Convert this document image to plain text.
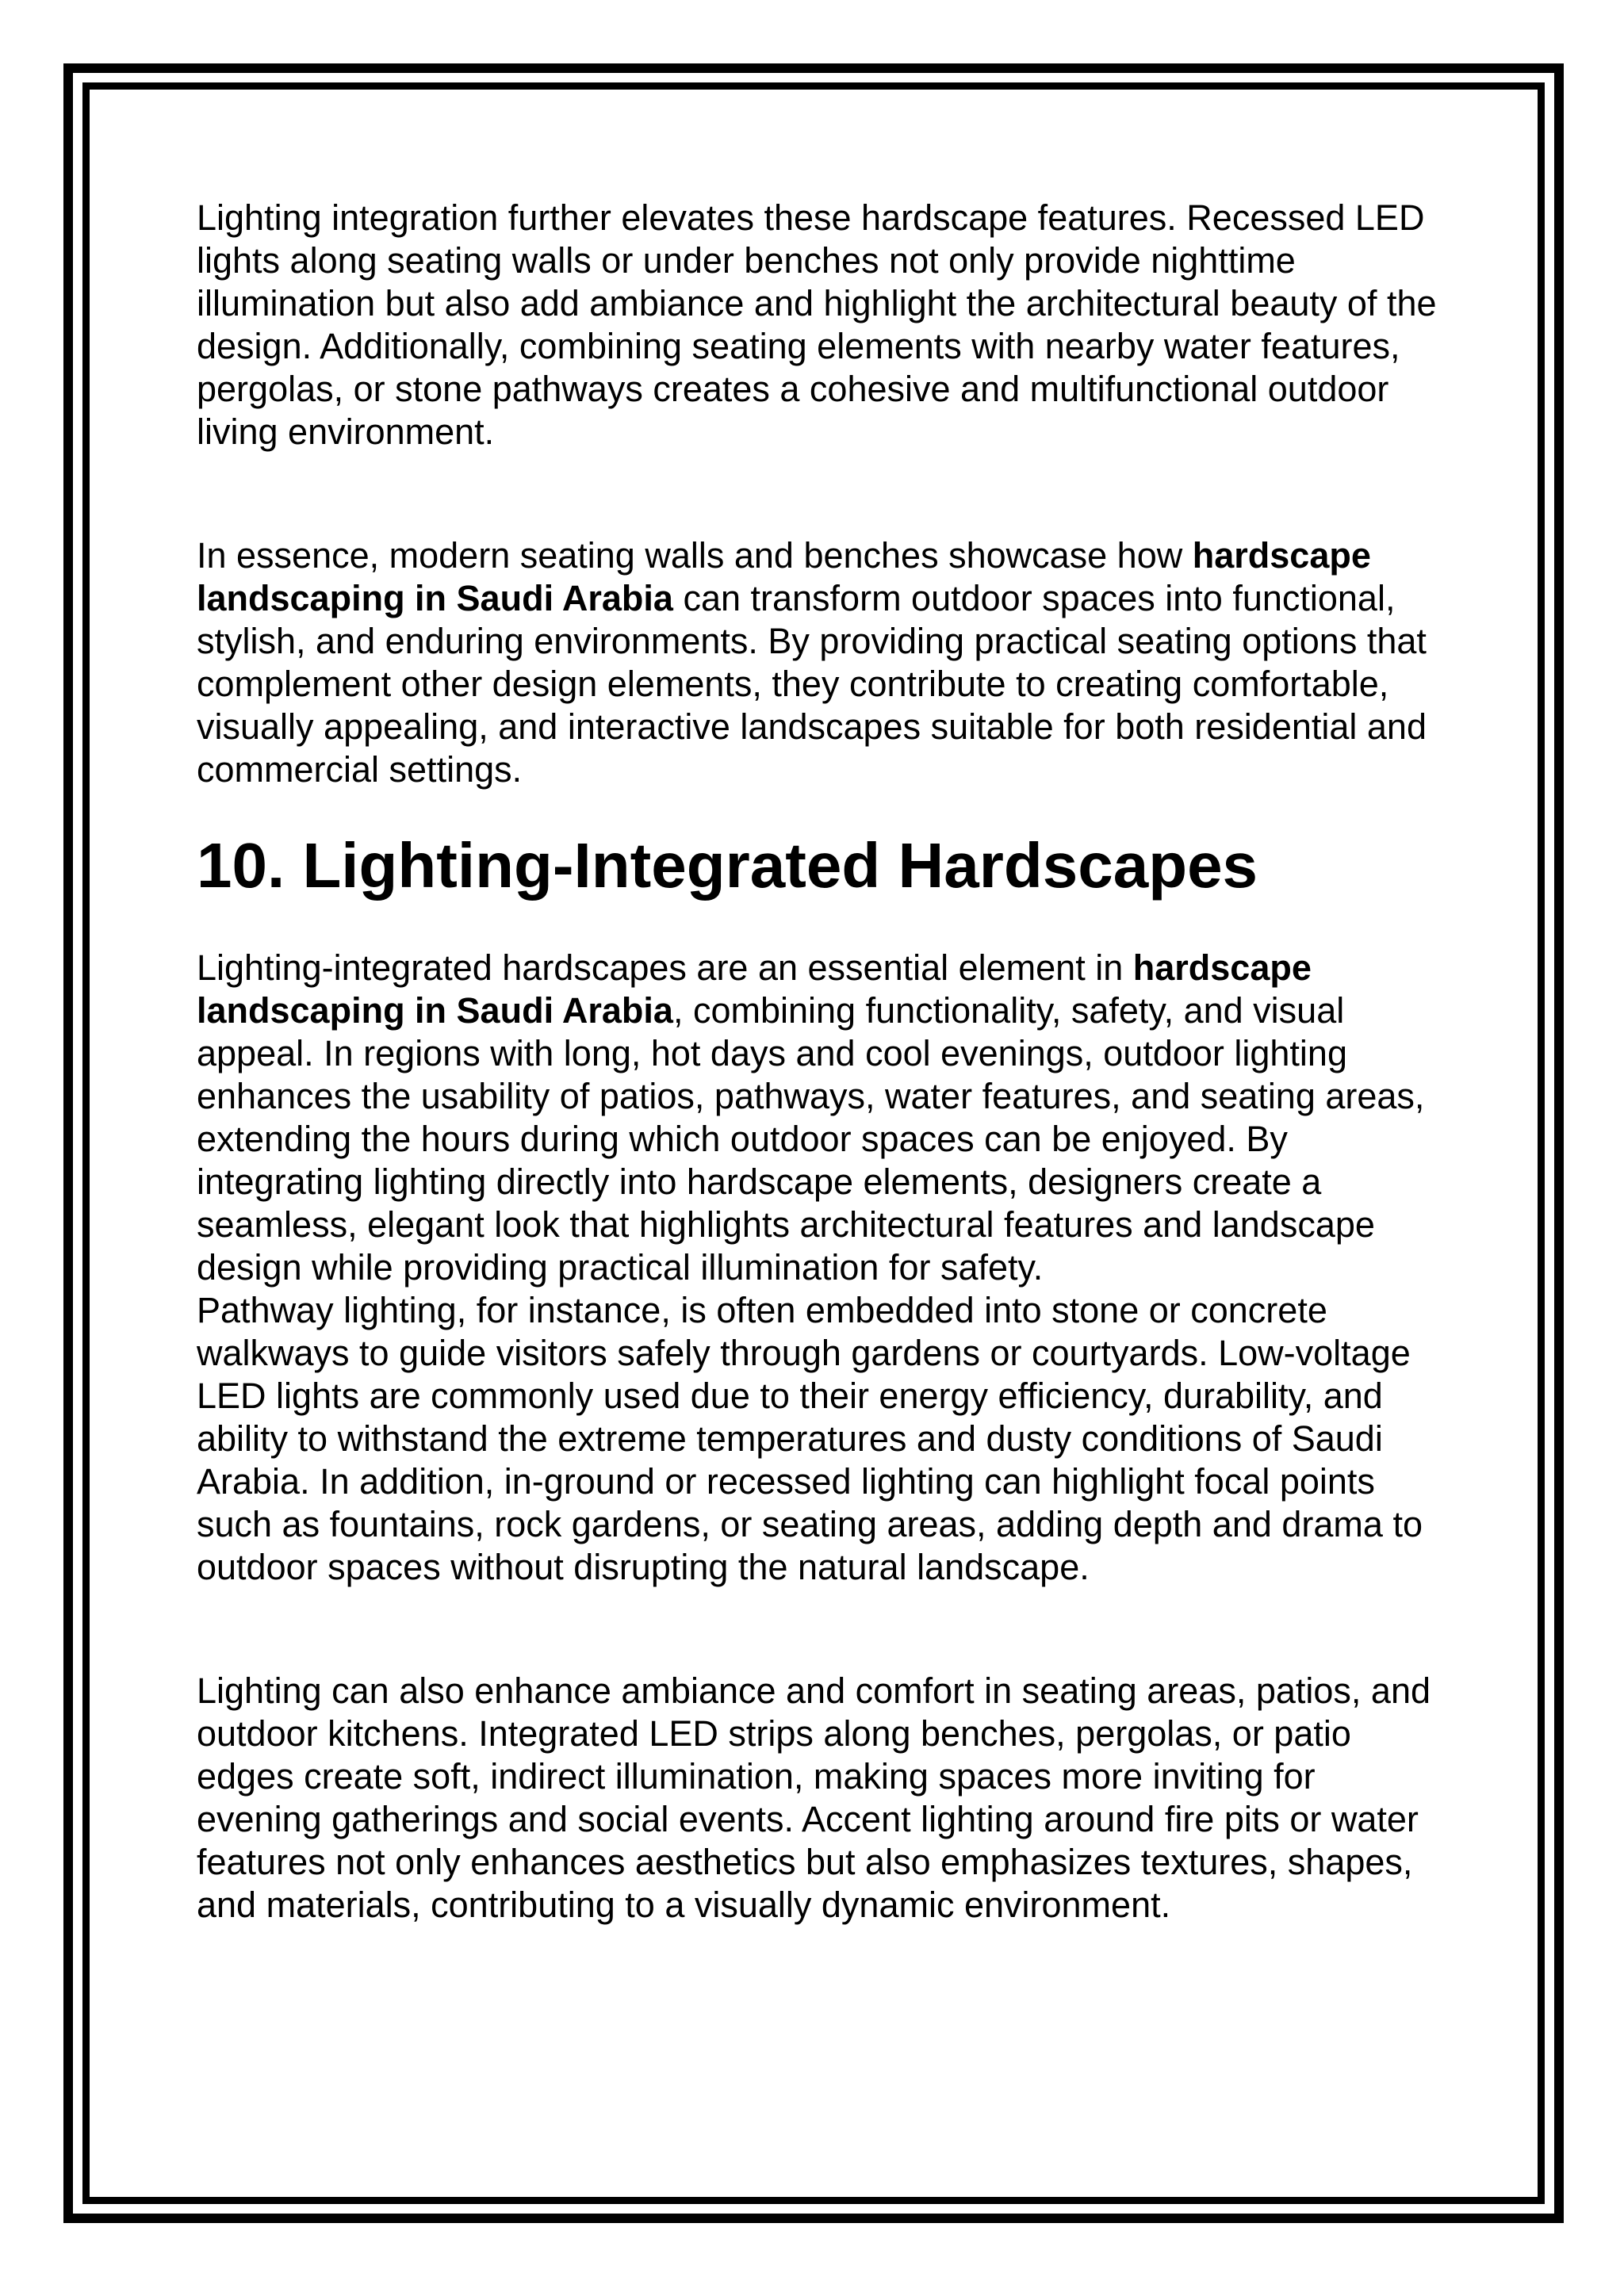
Lighting integration further elevates these hardscape features. Recessed LED lights along seating walls or under benches not only provide nighttime illumination but also add ambiance and highlight the architectural beauty of the design. Additionally, combining seating elements with nearby water features, pergolas, or stone pathways creates a cohesive and multifunctional outdoor living environment.

In essence, modern seating walls and benches showcase how hardscape landscaping in Saudi Arabia can transform outdoor spaces into functional, stylish, and enduring environments. By providing practical seating options that complement other design elements, they contribute to creating comfortable, visually appealing, and interactive landscapes suitable for both residential and commercial settings.

10. Lighting-Integrated Hardscapes

Lighting-integrated hardscapes are an essential element in hardscape landscaping in Saudi Arabia, combining functionality, safety, and visual appeal. In regions with long, hot days and cool evenings, outdoor lighting enhances the usability of patios, pathways, water features, and seating areas, extending the hours during which outdoor spaces can be enjoyed. By integrating lighting directly into hardscape elements, designers create a seamless, elegant look that highlights architectural features and landscape design while providing practical illumination for safety.

Pathway lighting, for instance, is often embedded into stone or concrete walkways to guide visitors safely through gardens or courtyards. Low-voltage LED lights are commonly used due to their energy efficiency, durability, and ability to withstand the extreme temperatures and dusty conditions of Saudi Arabia. In addition, in-ground or recessed lighting can highlight focal points such as fountains, rock gardens, or seating areas, adding depth and drama to outdoor spaces without disrupting the natural landscape.

Lighting can also enhance ambiance and comfort in seating areas, patios, and outdoor kitchens. Integrated LED strips along benches, pergolas, or patio edges create soft, indirect illumination, making spaces more inviting for evening gatherings and social events. Accent lighting around fire pits or water features not only enhances aesthetics but also emphasizes textures, shapes, and materials, contributing to a visually dynamic environment.
